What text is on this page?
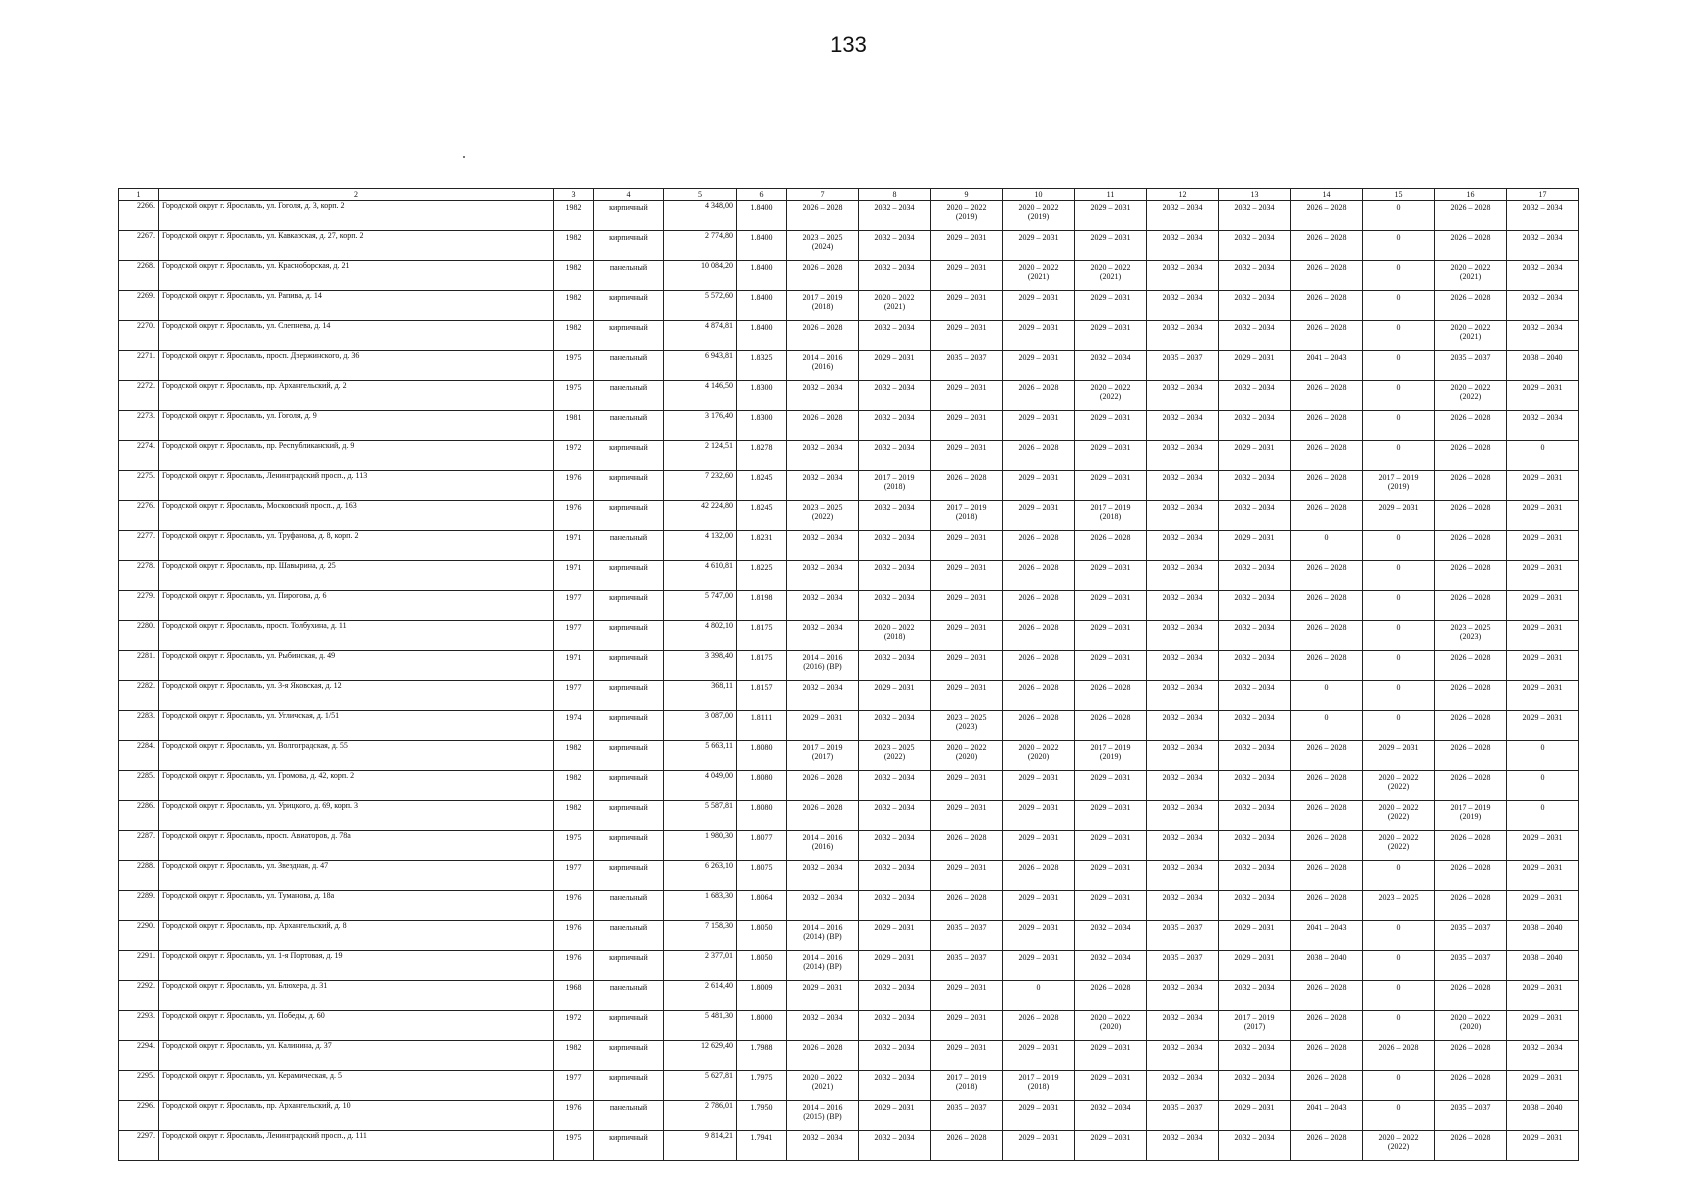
133
1	2	3	4	5	6	7	8	9	10	11	12	13	14	15	16	17
2266.	Городской округ г. Ярославль, ул. Гоголя, д. 3, корп. 2	1982	кирпичный	4 348,00	1.8400	2026 – 2028	2032 – 2034	2020 – 2022
(2019)	2020 – 2022
(2019)	2029 – 2031	2032 – 2034	2032 – 2034	2026 – 2028	0	2026 – 2028	2032 – 2034
2267.	Городской округ г. Ярославль, ул. Кавказская, д. 27, корп. 2	1982	кирпичный	2 774,80	1.8400	2023 – 2025
(2024)	2032 – 2034	2029 – 2031	2029 – 2031	2029 – 2031	2032 – 2034	2032 – 2034	2026 – 2028	0	2026 – 2028	2032 – 2034
2268.	Городской округ г. Ярославль, ул. Красноборская, д. 21	1982	панельный	10 084,20	1.8400	2026 – 2028	2032 – 2034	2029 – 2031	2020 – 2022
(2021)	2020 – 2022
(2021)	2032 – 2034	2032 – 2034	2026 – 2028	0	2020 – 2022
(2021)	2032 – 2034
2269.	Городской округ г. Ярославль, ул. Рапива, д. 14	1982	кирпичный	5 572,60	1.8400	2017 – 2019
(2018)	2020 – 2022
(2021)	2029 – 2031	2029 – 2031	2029 – 2031	2032 – 2034	2032 – 2034	2026 – 2028	0	2026 – 2028	2032 – 2034
2270.	Городской округ г. Ярославль, ул. Слепнева, д. 14	1982	кирпичный	4 874,81	1.8400	2026 – 2028	2032 – 2034	2029 – 2031	2029 – 2031	2029 – 2031	2032 – 2034	2032 – 2034	2026 – 2028	0	2020 – 2022
(2021)	2032 – 2034
2271.	Городской округ г. Ярославль, просп. Дзержинского, д. 36	1975	панельный	6 943,81	1.8325	2014 – 2016
(2016)	2029 – 2031	2035 – 2037	2029 – 2031	2032 – 2034	2035 – 2037	2029 – 2031	2041 – 2043	0	2035 – 2037	2038 – 2040
2272.	Городской округ г. Ярославль, пр. Архангельский, д. 2	1975	панельный	4 146,50	1.8300	2032 – 2034	2032 – 2034	2029 – 2031	2026 – 2028	2020 – 2022
(2022)	2032 – 2034	2032 – 2034	2026 – 2028	0	2020 – 2022
(2022)	2029 – 2031
2273.	Городской округ г. Ярославль, ул. Гоголя, д. 9	1981	панельный	3 176,40	1.8300	2026 – 2028	2032 – 2034	2029 – 2031	2029 – 2031	2029 – 2031	2032 – 2034	2032 – 2034	2026 – 2028	0	2026 – 2028	2032 – 2034
2274.	Городской округ г. Ярославль, пр. Республиканский, д. 9	1972	кирпичный	2 124,51	1.8278	2032 – 2034	2032 – 2034	2029 – 2031	2026 – 2028	2029 – 2031	2032 – 2034	2029 – 2031	2026 – 2028	0	2026 – 2028	0
2275.	Городской округ г. Ярославль, Ленинградский просп., д. 113	1976	кирпичный	7 232,60	1.8245	2032 – 2034	2017 – 2019
(2018)	2026 – 2028	2029 – 2031	2029 – 2031	2032 – 2034	2032 – 2034	2026 – 2028	2017 – 2019
(2019)	2026 – 2028	2029 – 2031
2276.	Городской округ г. Ярославль, Московский просп., д. 163	1976	кирпичный	42 224,80	1.8245	2023 – 2025
(2022)	2032 – 2034	2017 – 2019
(2018)	2029 – 2031	2017 – 2019
(2018)	2032 – 2034	2032 – 2034	2026 – 2028	2029 – 2031	2026 – 2028	2029 – 2031
2277.	Городской округ г. Ярославль, ул. Труфанова, д. 8, корп. 2	1971	панельный	4 132,00	1.8231	2032 – 2034	2032 – 2034	2029 – 2031	2026 – 2028	2026 – 2028	2032 – 2034	2029 – 2031	0	0	2026 – 2028	2029 – 2031
2278.	Городской округ г. Ярославль, пр. Шавырина, д. 25	1971	кирпичный	4 610,81	1.8225	2032 – 2034	2032 – 2034	2029 – 2031	2026 – 2028	2029 – 2031	2032 – 2034	2032 – 2034	2026 – 2028	0	2026 – 2028	2029 – 2031
2279.	Городской округ г. Ярославль, ул. Пирогова, д. 6	1977	кирпичный	5 747,00	1.8198	2032 – 2034	2032 – 2034	2029 – 2031	2026 – 2028	2029 – 2031	2032 – 2034	2032 – 2034	2026 – 2028	0	2026 – 2028	2029 – 2031
2280.	Городской округ г. Ярославль, просп. Толбухина, д. 11	1977	кирпичный	4 802,10	1.8175	2032 – 2034	2020 – 2022
(2018)	2029 – 2031	2026 – 2028	2029 – 2031	2032 – 2034	2032 – 2034	2026 – 2028	0	2023 – 2025
(2023)	2029 – 2031
2281.	Городской округ г. Ярославль, ул. Рыбинская, д. 49	1971	кирпичный	3 398,40	1.8175	2014 – 2016
(2016) (ВР)	2032 – 2034	2029 – 2031	2026 – 2028	2029 – 2031	2032 – 2034	2032 – 2034	2026 – 2028	0	2026 – 2028	2029 – 2031
2282.	Городской округ г. Ярославль, ул. 3-я Яковская, д. 12	1977	кирпичный	368,11	1.8157	2032 – 2034	2029 – 2031	2029 – 2031	2026 – 2028	2026 – 2028	2032 – 2034	2032 – 2034	0	0	2026 – 2028	2029 – 2031
2283.	Городской округ г. Ярославль, ул. Угличская, д. 1/51	1974	кирпичный	3 087,00	1.8111	2029 – 2031	2032 – 2034	2023 – 2025
(2023)	2026 – 2028	2026 – 2028	2032 – 2034	2032 – 2034	0	0	2026 – 2028	2029 – 2031
2284.	Городской округ г. Ярославль, ул. Волгоградская, д. 55	1982	кирпичный	5 663,11	1.8080	2017 – 2019
(2017)	2023 – 2025
(2022)	2020 – 2022
(2020)	2020 – 2022
(2020)	2017 – 2019
(2019)	2032 – 2034	2032 – 2034	2026 – 2028	2029 – 2031	2026 – 2028	0
2285.	Городской округ г. Ярославль, ул. Громова, д. 42, корп. 2	1982	кирпичный	4 049,00	1.8080	2026 – 2028	2032 – 2034	2029 – 2031	2029 – 2031	2029 – 2031	2032 – 2034	2032 – 2034	2026 – 2028	2020 – 2022
(2022)	2026 – 2028	0
2286.	Городской округ г. Ярославль, ул. Урицкого, д. 69, корп. 3	1982	кирпичный	5 587,81	1.8080	2026 – 2028	2032 – 2034	2029 – 2031	2029 – 2031	2029 – 2031	2032 – 2034	2032 – 2034	2026 – 2028	2020 – 2022
(2022)	2017 – 2019
(2019)	0
2287.	Городской округ г. Ярославль, просп. Авиаторов, д. 78а	1975	кирпичный	1 980,30	1.8077	2014 – 2016
(2016)	2032 – 2034	2026 – 2028	2029 – 2031	2029 – 2031	2032 – 2034	2032 – 2034	2026 – 2028	2020 – 2022
(2022)	2026 – 2028	2029 – 2031
2288.	Городской округ г. Ярославль, ул. Звездная, д. 47	1977	кирпичный	6 263,10	1.8075	2032 – 2034	2032 – 2034	2029 – 2031	2026 – 2028	2029 – 2031	2032 – 2034	2032 – 2034	2026 – 2028	0	2026 – 2028	2029 – 2031
2289.	Городской округ г. Ярославль, ул. Туманова, д. 18а	1976	панельный	1 683,30	1.8064	2032 – 2034	2032 – 2034	2026 – 2028	2029 – 2031	2029 – 2031	2032 – 2034	2032 – 2034	2026 – 2028	2023 – 2025	2026 – 2028	2029 – 2031
2290.	Городской округ г. Ярославль, пр. Архангельский, д. 8	1976	панельный	7 158,30	1.8050	2014 – 2016
(2014) (ВР)	2029 – 2031	2035 – 2037	2029 – 2031	2032 – 2034	2035 – 2037	2029 – 2031	2041 – 2043	0	2035 – 2037	2038 – 2040
2291.	Городской округ г. Ярославль, ул. 1-я Портовая, д. 19	1976	кирпичный	2 377,01	1.8050	2014 – 2016
(2014) (ВР)	2029 – 2031	2035 – 2037	2029 – 2031	2032 – 2034	2035 – 2037	2029 – 2031	2038 – 2040	0	2035 – 2037	2038 – 2040
2292.	Городской округ г. Ярославль, ул. Блюхера, д. 31	1968	панельный	2 614,40	1.8009	2029 – 2031	2032 – 2034	2029 – 2031	0	2026 – 2028	2032 – 2034	2032 – 2034	2026 – 2028	0	2026 – 2028	2029 – 2031
2293.	Городской округ г. Ярославль, ул. Победы, д. 60	1972	кирпичный	5 481,30	1.8000	2032 – 2034	2032 – 2034	2029 – 2031	2026 – 2028	2020 – 2022
(2020)	2032 – 2034	2017 – 2019
(2017)	2026 – 2028	0	2020 – 2022
(2020)	2029 – 2031
2294.	Городской округ г. Ярославль, ул. Калинина, д. 37	1982	кирпичный	12 629,40	1.7988	2026 – 2028	2032 – 2034	2029 – 2031	2029 – 2031	2029 – 2031	2032 – 2034	2032 – 2034	2026 – 2028	2026 – 2028	2026 – 2028	2032 – 2034
2295.	Городской округ г. Ярославль, ул. Керамическая, д. 5	1977	кирпичный	5 627,81	1.7975	2020 – 2022
(2021)	2032 – 2034	2017 – 2019
(2018)	2017 – 2019
(2018)	2029 – 2031	2032 – 2034	2032 – 2034	2026 – 2028	0	2026 – 2028	2029 – 2031
2296.	Городской округ г. Ярославль, пр. Архангельский, д. 10	1976	панельный	2 786,01	1.7950	2014 – 2016
(2015) (ВР)	2029 – 2031	2035 – 2037	2029 – 2031	2032 – 2034	2035 – 2037	2029 – 2031	2041 – 2043	0	2035 – 2037	2038 – 2040
2297.	Городской округ г. Ярославль, Ленинградский просп., д. 111	1975	кирпичный	9 814,21	1.7941	2032 – 2034	2032 – 2034	2026 – 2028	2029 – 2031	2029 – 2031	2032 – 2034	2032 – 2034	2026 – 2028	2020 – 2022
(2022)	2026 – 2028	2029 – 2031
